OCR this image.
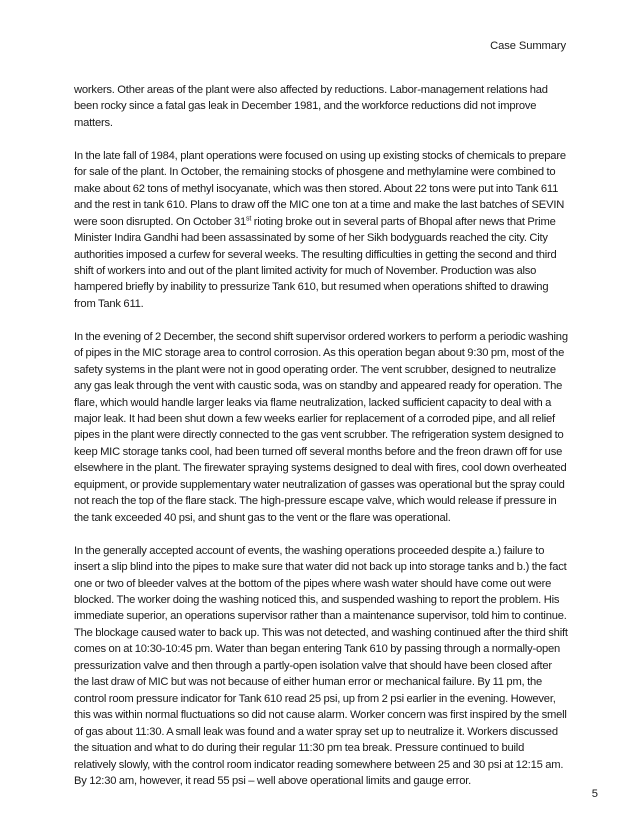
Case Summary

workers. Other areas of the plant were also affected by reductions. Labor-management relations had been rocky since a fatal gas leak in December 1981, and the workforce reductions did not improve matters.

In the late fall of 1984, plant operations were focused on using up existing stocks of chemicals to prepare for sale of the plant. In October, the remaining stocks of phosgene and methylamine were combined to make about 62 tons of methyl isocyanate, which was then stored. About 22 tons were put into Tank 611 and the rest in tank 610. Plans to draw off the MIC one ton at a time and make the last batches of SEVIN were soon disrupted. On October 31st rioting broke out in several parts of Bhopal after news that Prime Minister Indira Gandhi had been assassinated by some of her Sikh bodyguards reached the city. City authorities imposed a curfew for several weeks. The resulting difficulties in getting the second and third shift of workers into and out of the plant limited activity for much of November. Production was also hampered briefly by inability to pressurize Tank 610, but resumed when operations shifted to drawing from Tank 611.

In the evening of 2 December, the second shift supervisor ordered workers to perform a periodic washing of pipes in the MIC storage area to control corrosion. As this operation began about 9:30 pm, most of the safety systems in the plant were not in good operating order. The vent scrubber, designed to neutralize any gas leak through the vent with caustic soda, was on standby and appeared ready for operation. The flare, which would handle larger leaks via flame neutralization, lacked sufficient capacity to deal with a major leak. It had been shut down a few weeks earlier for replacement of a corroded pipe, and all relief pipes in the plant were directly connected to the gas vent scrubber. The refrigeration system designed to keep MIC storage tanks cool, had been turned off several months before and the freon drawn off for use elsewhere in the plant. The firewater spraying systems designed to deal with fires, cool down overheated equipment, or provide supplementary water neutralization of gasses was operational but the spray could not reach the top of the flare stack. The high-pressure escape valve, which would release if pressure in the tank exceeded 40 psi, and shunt gas to the vent or the flare was operational.

In the generally accepted account of events, the washing operations proceeded despite a.) failure to insert a slip blind into the pipes to make sure that water did not back up into storage tanks and b.) the fact one or two of bleeder valves at the bottom of the pipes where wash water should have come out were blocked. The worker doing the washing noticed this, and suspended washing to report the problem. His immediate superior, an operations supervisor rather than a maintenance supervisor, told him to continue. The blockage caused water to back up. This was not detected, and washing continued after the third shift comes on at 10:30-10:45 pm. Water than began entering Tank 610 by passing through a normally-open pressurization valve and then through a partly-open isolation valve that should have been closed after the last draw of MIC but was not because of either human error or mechanical failure. By 11 pm, the control room pressure indicator for Tank 610 read 25 psi, up from 2 psi earlier in the evening. However, this was within normal fluctuations so did not cause alarm. Worker concern was first inspired by the smell of gas about 11:30. A small leak was found and a water spray set up to neutralize it. Workers discussed the situation and what to do during their regular 11:30 pm tea break. Pressure continued to build relatively slowly, with the control room indicator reading somewhere between 25 and 30 psi at 12:15 am. By 12:30 am, however, it read 55 psi – well above operational limits and gauge error.

5
